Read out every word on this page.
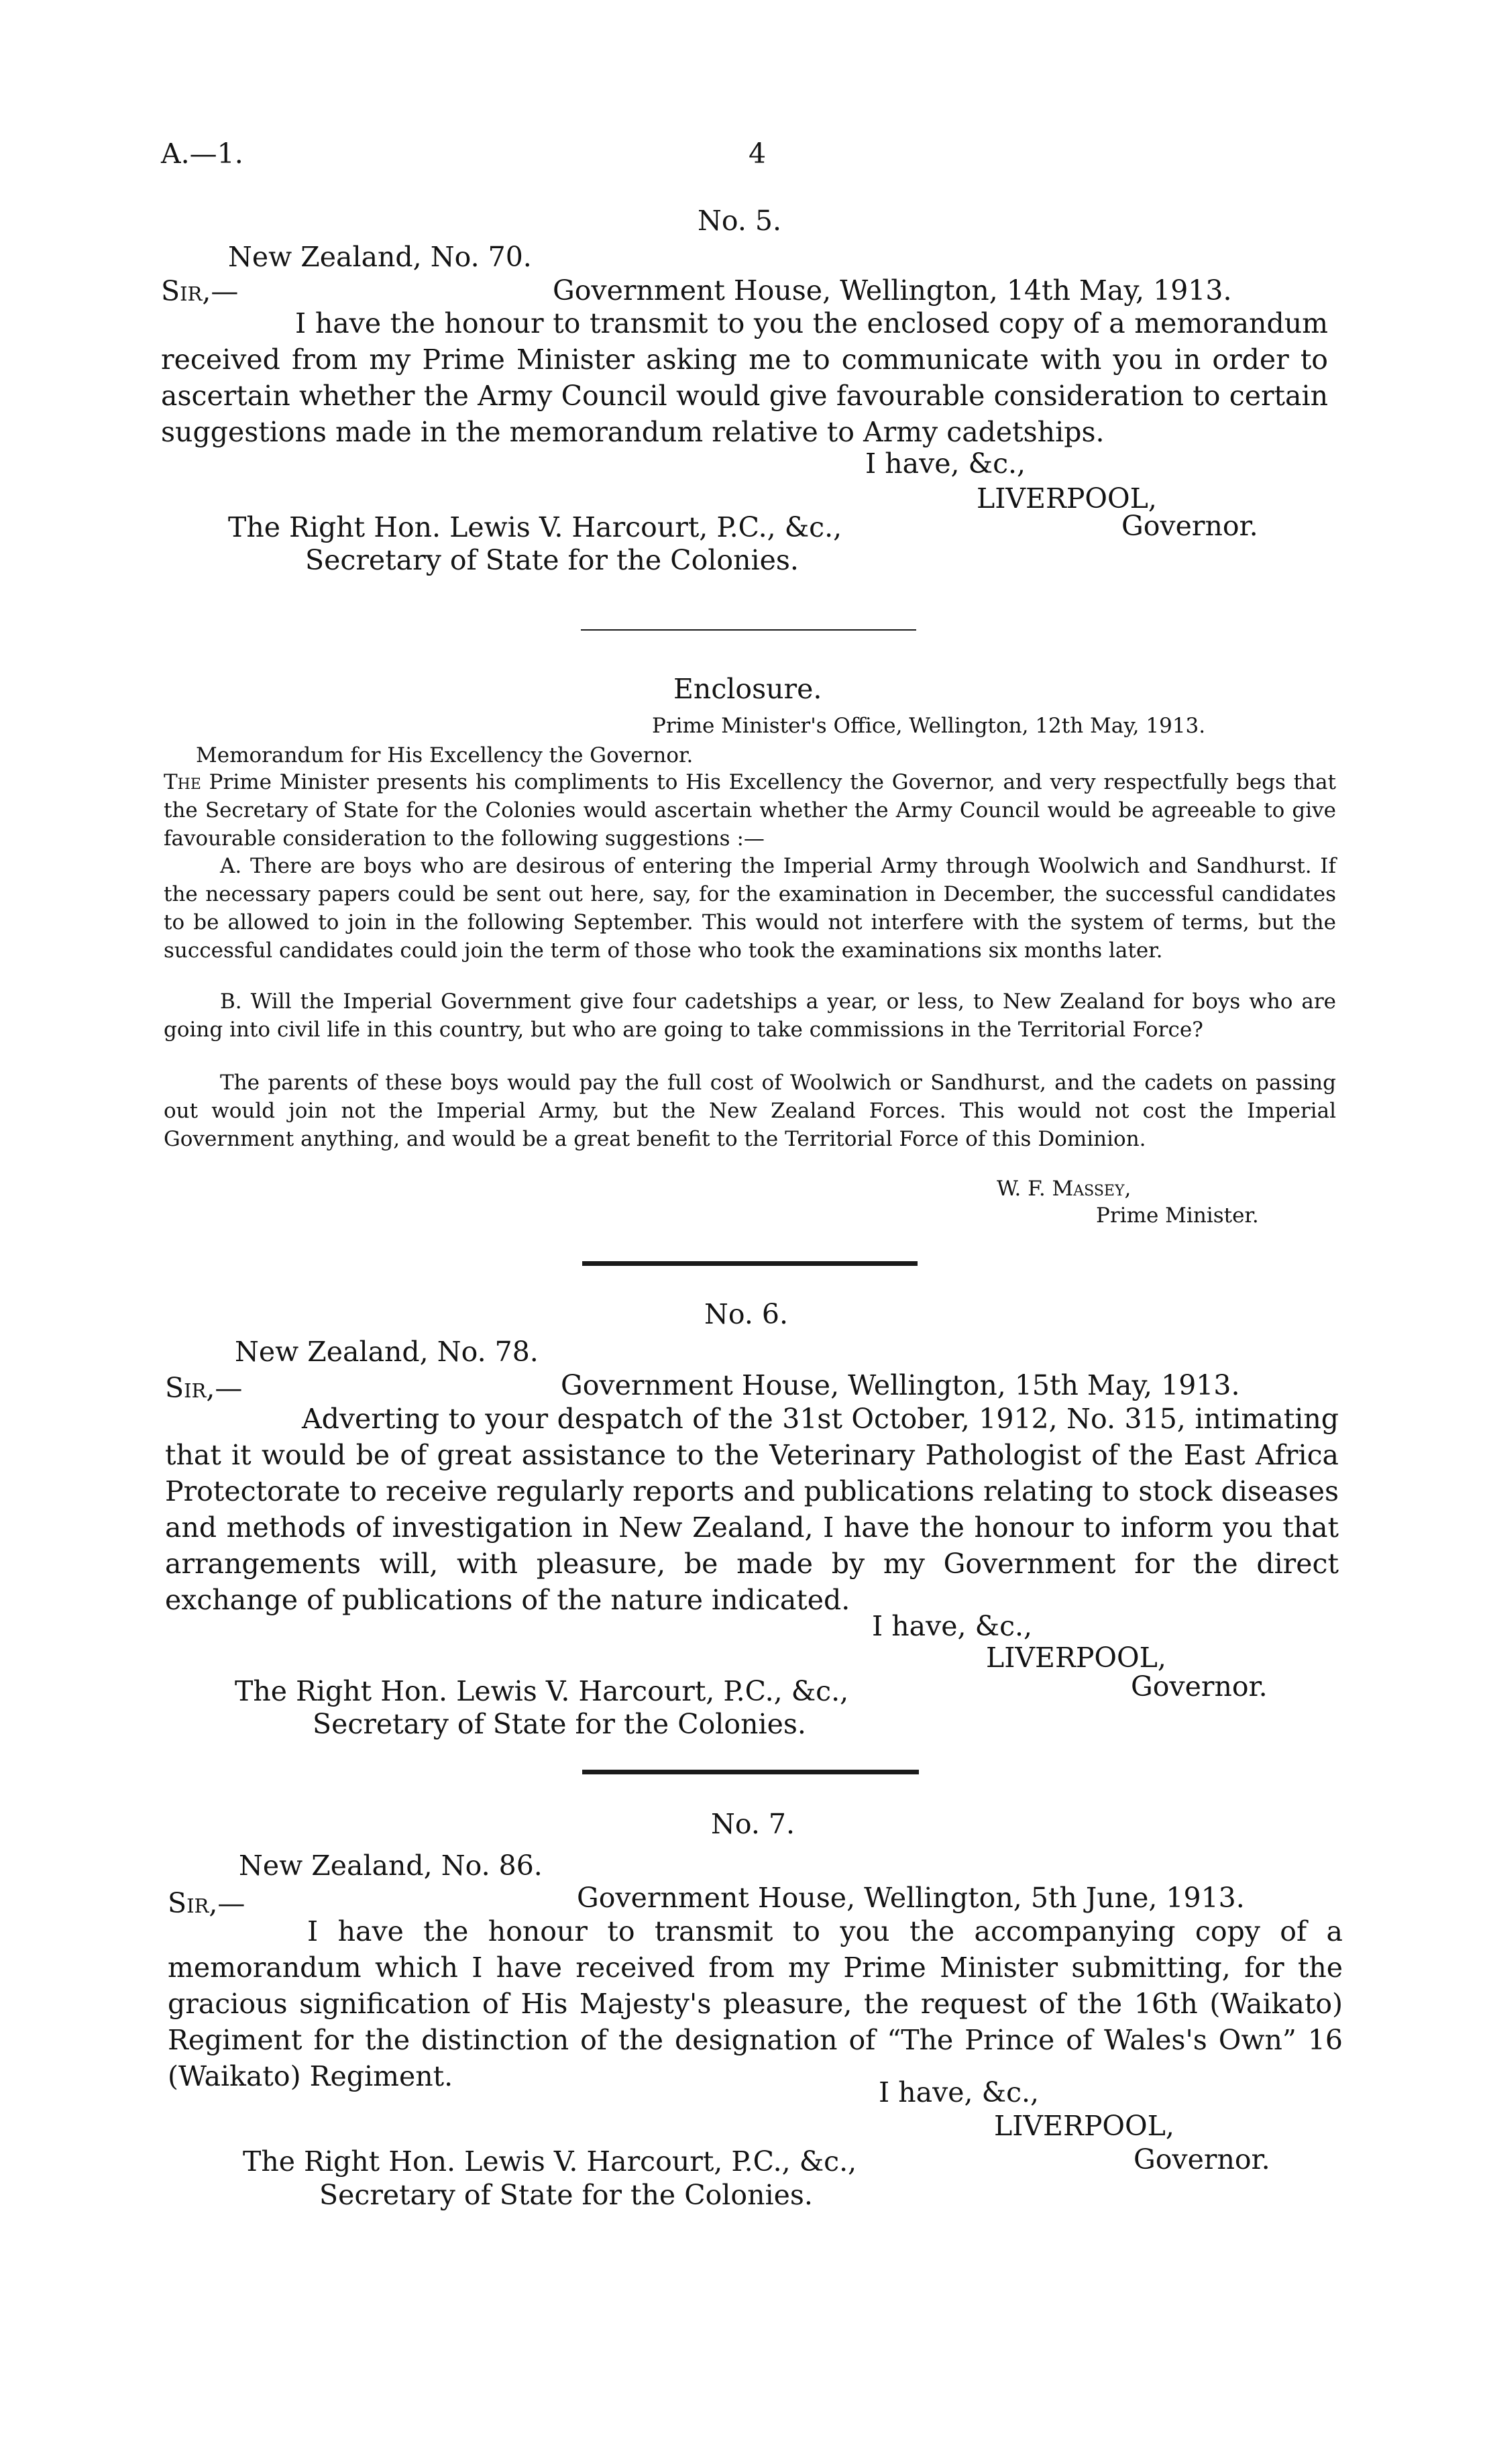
A.—1.	4
No. 5.
New Zealand, No. 70.
Sir,—	Government House, Wellington, 14th May, 1913.

I have the honour to transmit to you the enclosed copy of a memorandum received from my Prime Minister asking me to communicate with you in order to ascertain whether the Army Council would give favourable consideration to certain suggestions made in the memorandum relative to Army cadetships.

I have, &c.,
LIVERPOOL,
Governor.
The Right Hon. Lewis V. Harcourt, P.C., &c.,
Secretary of State for the Colonies.
Enclosure.
Prime Minister's Office, Wellington, 12th May, 1913.
Memorandum for His Excellency the Governor.

The Prime Minister presents his compliments to His Excellency the Governor, and very respectfully begs that the Secretary of State for the Colonies would ascertain whether the Army Council would be agreeable to give favourable consideration to the following suggestions :—

A. There are boys who are desirous of entering the Imperial Army through Woolwich and Sandhurst. If the necessary papers could be sent out here, say, for the examination in December, the successful candidates to be allowed to join in the following September. This would not interfere with the system of terms, but the successful candidates could join the term of those who took the examinations six months later.

B. Will the Imperial Government give four cadetships a year, or less, to New Zealand for boys who are going into civil life in this country, but who are going to take commissions in the Territorial Force?

The parents of these boys would pay the full cost of Woolwich or Sandhurst, and the cadets on passing out would join not the Imperial Army, but the New Zealand Forces. This would not cost the Imperial Government anything, and would be a great benefit to the Territorial Force of this Dominion.

W. F. Massey,
Prime Minister.
No. 6.
New Zealand, No. 78.
Sir,—	Government House, Wellington, 15th May, 1913.

Adverting to your despatch of the 31st October, 1912, No. 315, intimating that it would be of great assistance to the Veterinary Pathologist of the East Africa Protectorate to receive regularly reports and publications relating to stock diseases and methods of investigation in New Zealand, I have the honour to inform you that arrangements will, with pleasure, be made by my Government for the direct exchange of publications of the nature indicated.

I have, &c.,
LIVERPOOL,
Governor.
The Right Hon. Lewis V. Harcourt, P.C., &c.,
Secretary of State for the Colonies.
No. 7.
New Zealand, No. 86.
Sir,—	Government House, Wellington, 5th June, 1913.

I have the honour to transmit to you the accompanying copy of a memorandum which I have received from my Prime Minister submitting, for the gracious signification of His Majesty's pleasure, the request of the 16th (Waikato) Regiment for the distinction of the designation of “The Prince of Wales's Own” 16 (Waikato) Regiment.	I have, &c.,
LIVERPOOL,
Governor.
The Right Hon. Lewis V. Harcourt, P.C., &c.,
Secretary of State for the Colonies.
